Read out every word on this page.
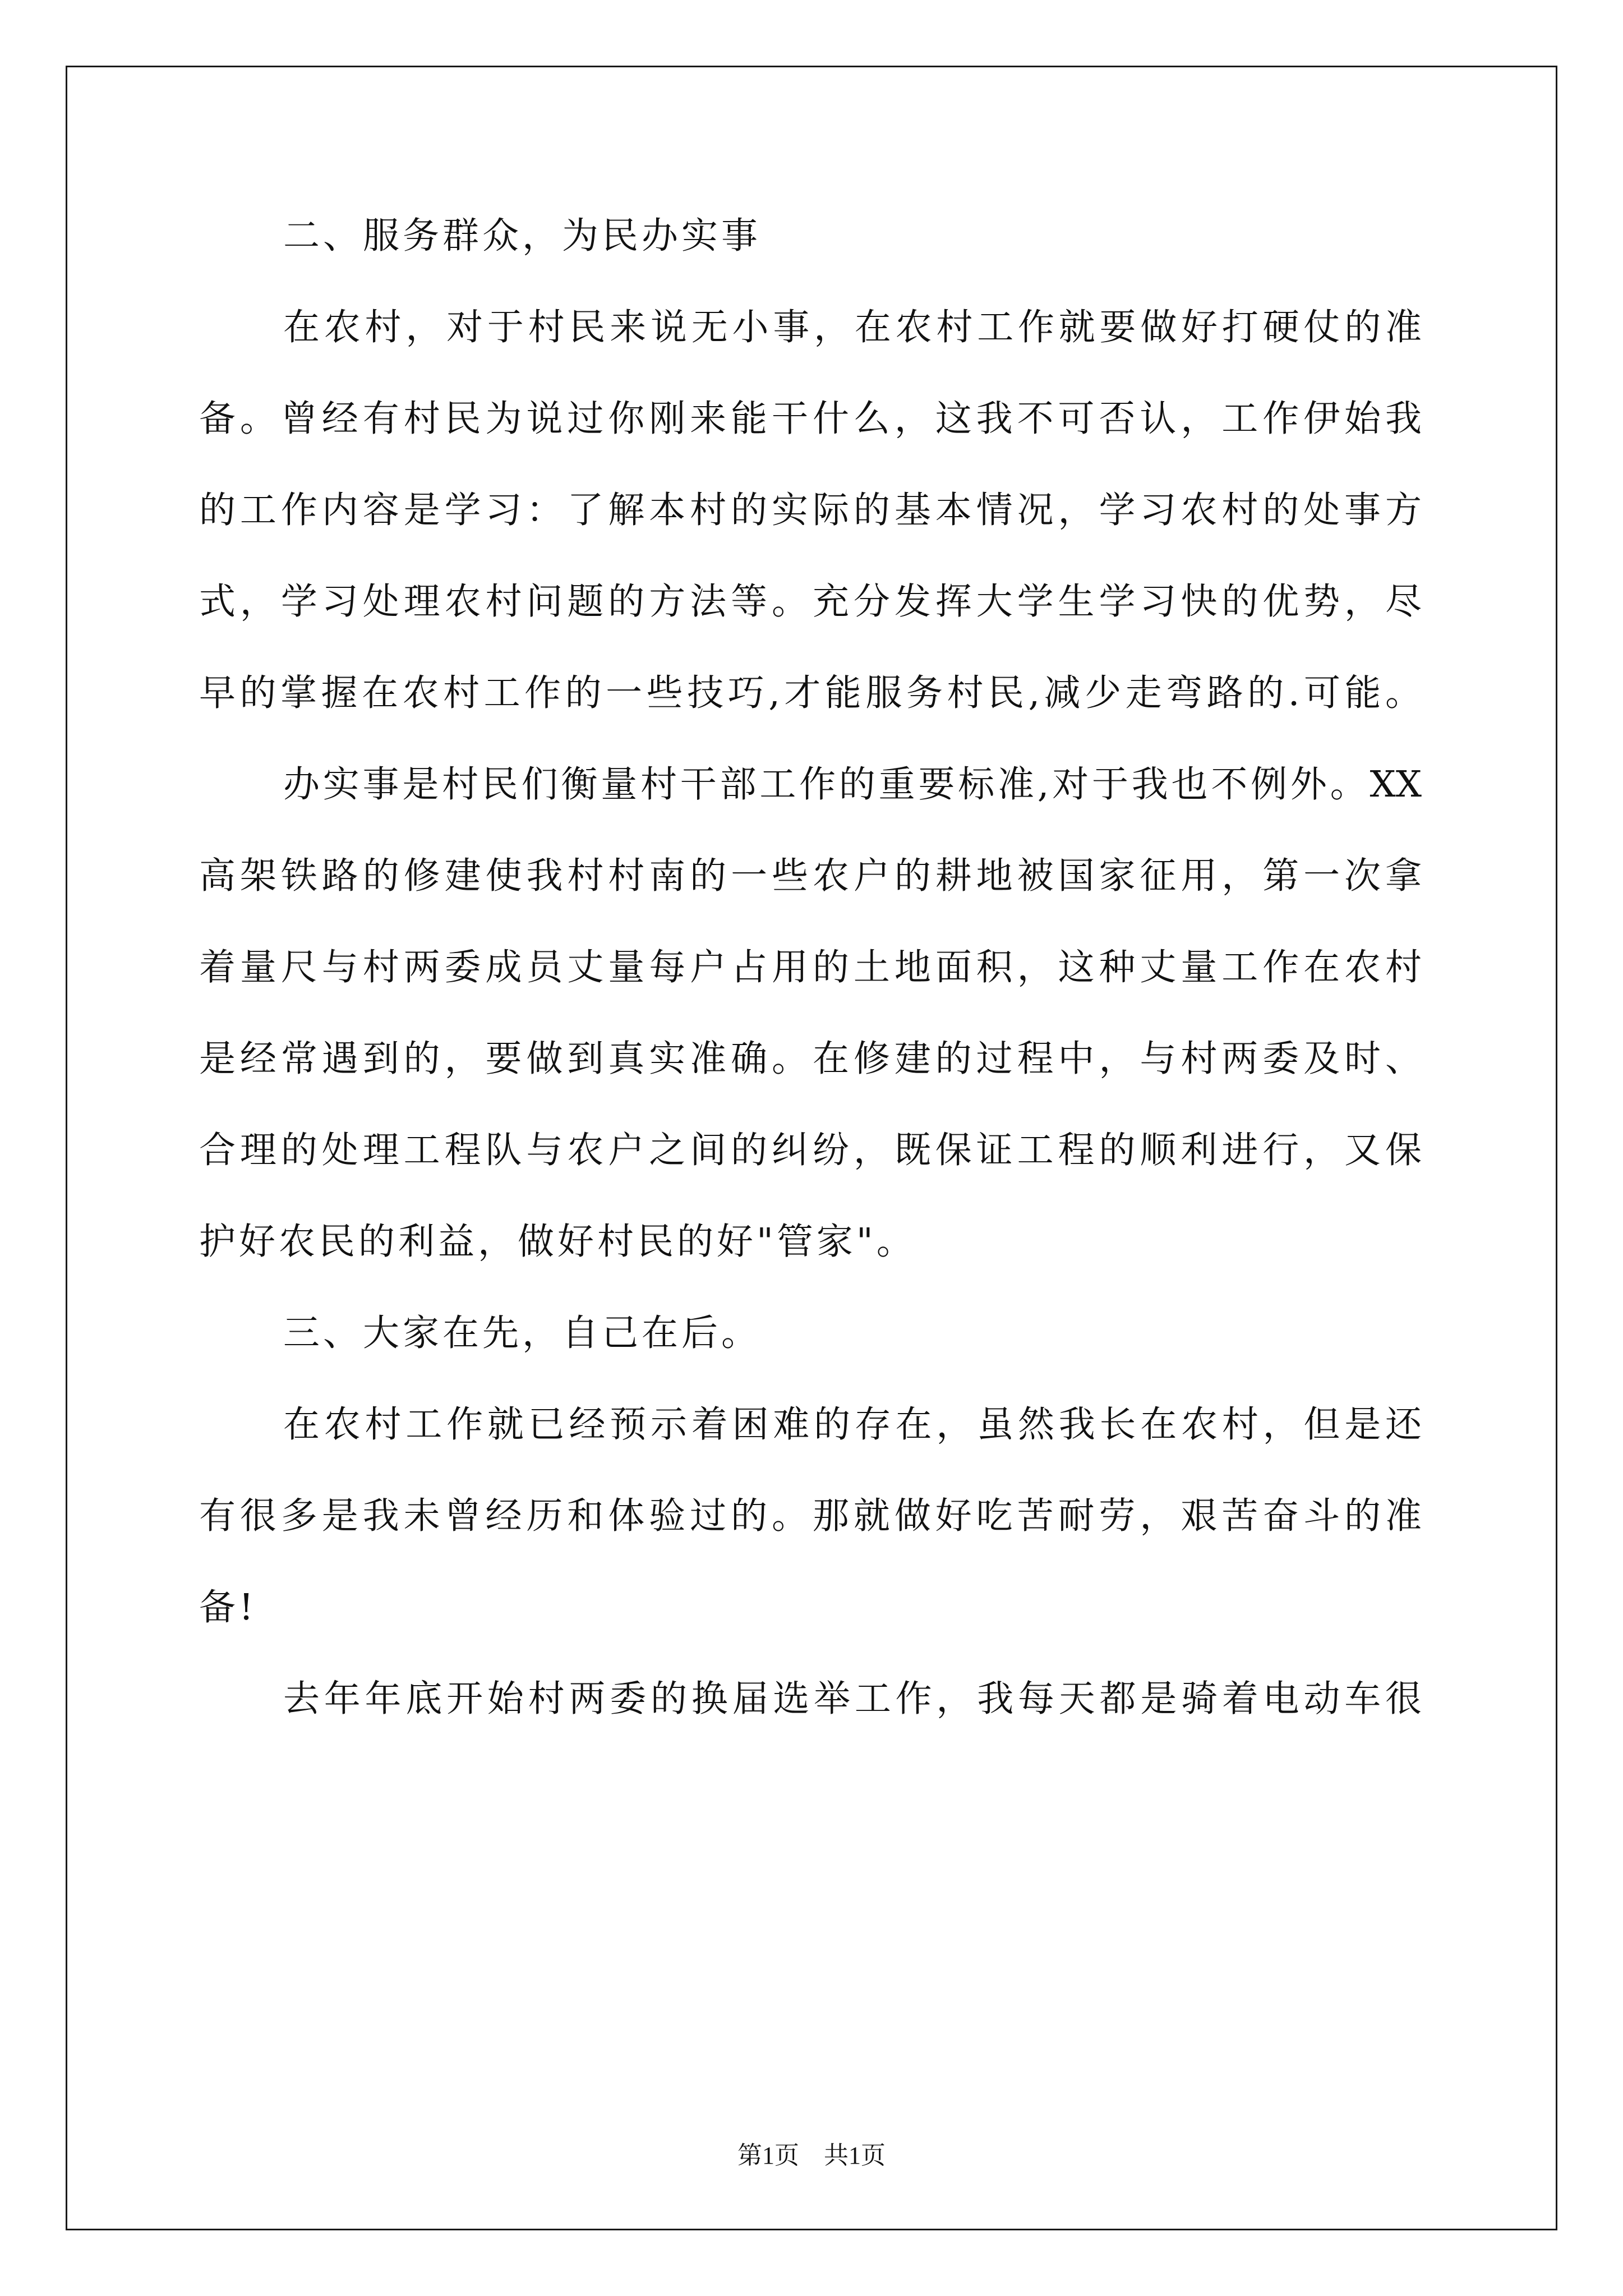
二、服务群众，为民办实事
在农村，对于村民来说无小事，在农村工作就要做好打硬仗的准
备。曾经有村民为说过你刚来能干什么，这我不可否认，工作伊始我
的工作内容是学习：了解本村的实际的基本情况，学习农村的处事方
式，学习处理农村问题的方法等。充分发挥大学生学习快的优势，尽
早的掌握在农村工作的一些技巧,才能服务村民,减少走弯路的.可能。
办实事是村民们衡量村干部工作的重要标准,对于我也不例外。XX
高架铁路的修建使我村村南的一些农户的耕地被国家征用，第一次拿
着量尺与村两委成员丈量每户占用的土地面积，这种丈量工作在农村
是经常遇到的，要做到真实准确。在修建的过程中，与村两委及时、
合理的处理工程队与农户之间的纠纷，既保证工程的顺利进行，又保
护好农民的利益，做好村民的好"管家"。
三、大家在先，自己在后。
在农村工作就已经预示着困难的存在，虽然我长在农村，但是还
有很多是我未曾经历和体验过的。那就做好吃苦耐劳，艰苦奋斗的准
备!
去年年底开始村两委的换届选举工作，我每天都是骑着电动车很
第1页　共1页
